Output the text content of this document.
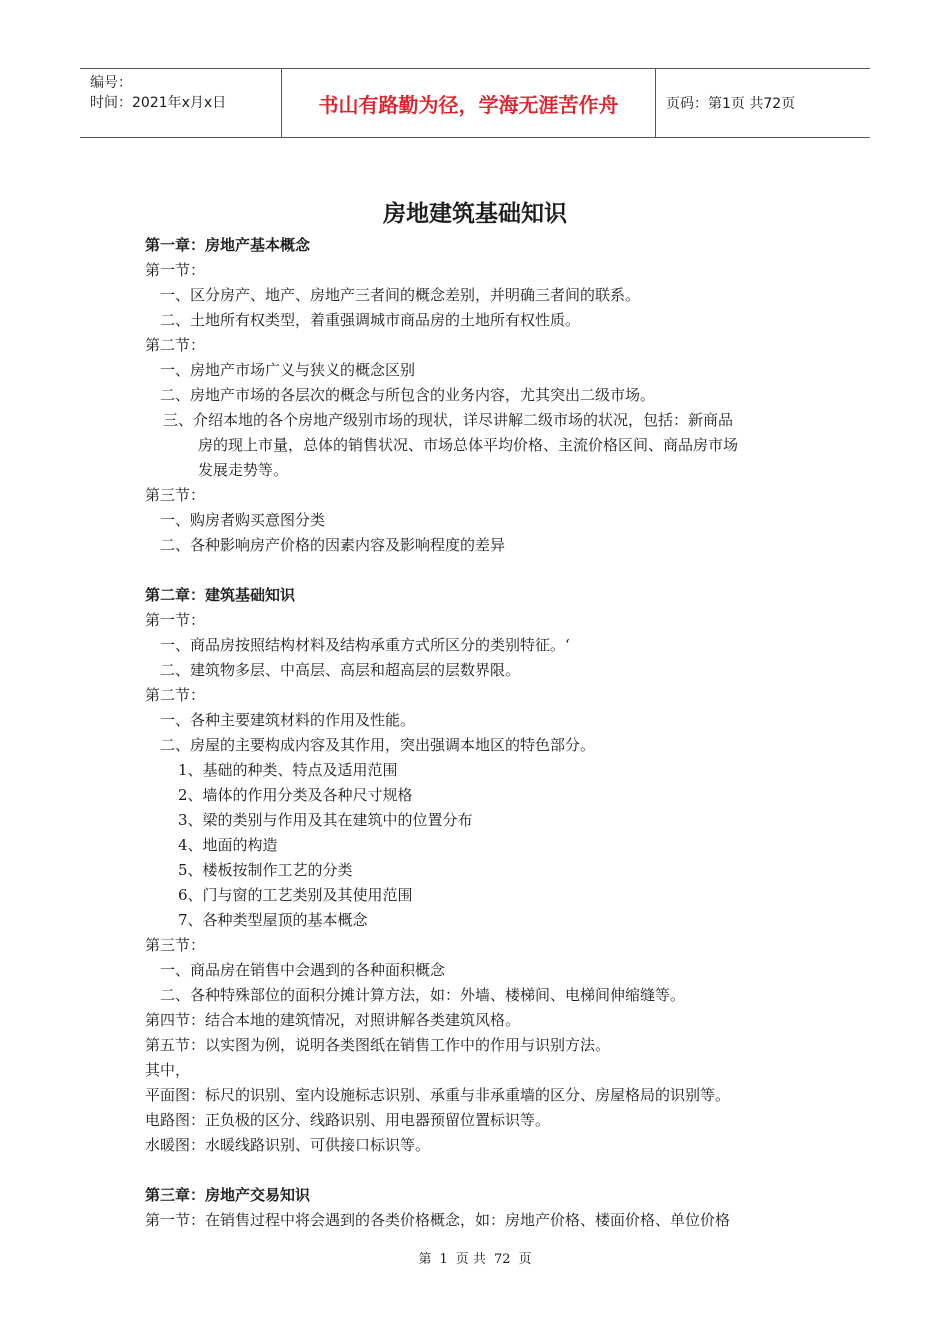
编号：
时间：2021年x月x日	书山有路勤为径，学海无涯苦作舟	页码：第1页 共72页
房地建筑基础知识
第一章：房地产基本概念
第一节：
一、区分房产、地产、房地产三者间的概念差别，并明确三者间的联系。
二、土地所有权类型，着重强调城市商品房的土地所有权性质。
第二节：
一、房地产市场广义与狭义的概念区别
二、房地产市场的各层次的概念与所包含的业务内容，尤其突出二级市场。
三、介绍本地的各个房地产级别市场的现状，详尽讲解二级市场的状况，包括：新商品
房的现上市量，总体的销售状况、市场总体平均价格、主流价格区间、商品房市场
发展走势等。
第三节：
一、购房者购买意图分类
二、各种影响房产价格的因素内容及影响程度的差异
第二章：建筑基础知识
第一节：
一、商品房按照结构材料及结构承重方式所区分的类别特征。‘
二、建筑物多层、中高层、高层和超高层的层数界限。
第二节：
一、各种主要建筑材料的作用及性能。
二、房屋的主要构成内容及其作用，突出强调本地区的特色部分。
1、基础的种类、特点及适用范围
2、墙体的作用分类及各种尺寸规格
3、梁的类别与作用及其在建筑中的位置分布
4、地面的构造
5、楼板按制作工艺的分类
6、门与窗的工艺类别及其使用范围
7、各种类型屋顶的基本概念
第三节：
一、商品房在销售中会遇到的各种面积概念
二、各种特殊部位的面积分摊计算方法，如：外墙、楼梯间、电梯间伸缩缝等。
第四节：结合本地的建筑情况，对照讲解各类建筑风格。
第五节：以实图为例，说明各类图纸在销售工作中的作用与识别方法。
其中，
平面图：标尺的识别、室内设施标志识别、承重与非承重墙的区分、房屋格局的识别等。
电路图：正负极的区分、线路识别、用电器预留位置标识等。
水暖图：水暖线路识别、可供接口标识等。
第三章：房地产交易知识
第一节：在销售过程中将会遇到的各类价格概念，如：房地产价格、楼面价格、单位价格
第 1 页 共 72 页
